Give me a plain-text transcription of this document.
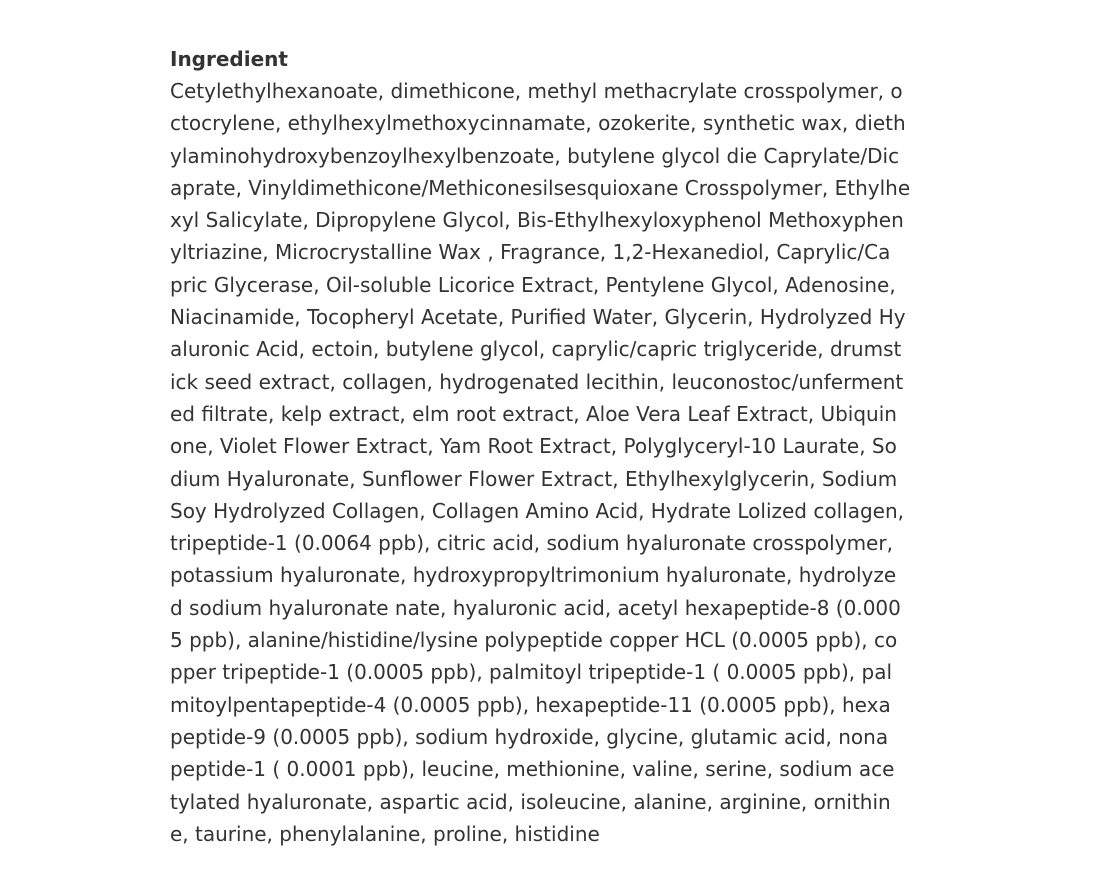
Ingredient
Cetylethylhexanoate, dimethicone, methyl methacrylate crosspolymer, o
ctocrylene, ethylhexylmethoxycinnamate, ozokerite, synthetic wax, dieth
ylaminohydroxybenzoylhexylbenzoate, butylene glycol die Caprylate/Dic
aprate, Vinyldimethicone/Methiconesilsesquioxane Crosspolymer, Ethylhe
xyl Salicylate, Dipropylene Glycol, Bis-Ethylhexyloxyphenol Methoxyphen
yltriazine, Microcrystalline Wax , Fragrance, 1,2-Hexanediol, Caprylic/Ca
pric Glycerase, Oil-soluble Licorice Extract, Pentylene Glycol, Adenosine,
Niacinamide, Tocopheryl Acetate, Purified Water, Glycerin, Hydrolyzed Hy
aluronic Acid, ectoin, butylene glycol, caprylic/capric triglyceride, drumst
ick seed extract, collagen, hydrogenated lecithin, leuconostoc/unferment
ed filtrate, kelp extract, elm root extract, Aloe Vera Leaf Extract, Ubiquin
one, Violet Flower Extract, Yam Root Extract, Polyglyceryl-10 Laurate, So
dium Hyaluronate, Sunflower Flower Extract, Ethylhexylglycerin, Sodium
Soy Hydrolyzed Collagen, Collagen Amino Acid, Hydrate Lolized collagen,
tripeptide-1 (0.0064 ppb), citric acid, sodium hyaluronate crosspolymer,
potassium hyaluronate, hydroxypropyltrimonium hyaluronate, hydrolyze
d sodium hyaluronate nate, hyaluronic acid, acetyl hexapeptide-8 (0.000
5 ppb), alanine/histidine/lysine polypeptide copper HCL (0.0005 ppb), co
pper tripeptide-1 (0.0005 ppb), palmitoyl tripeptide-1 ( 0.0005 ppb), pal
mitoylpentapeptide-4 (0.0005 ppb), hexapeptide-11 (0.0005 ppb), hexa
peptide-9 (0.0005 ppb), sodium hydroxide, glycine, glutamic acid, nona
peptide-1 ( 0.0001 ppb), leucine, methionine, valine, serine, sodium ace
tylated hyaluronate, aspartic acid, isoleucine, alanine, arginine, ornithin
e, taurine, phenylalanine, proline, histidine
